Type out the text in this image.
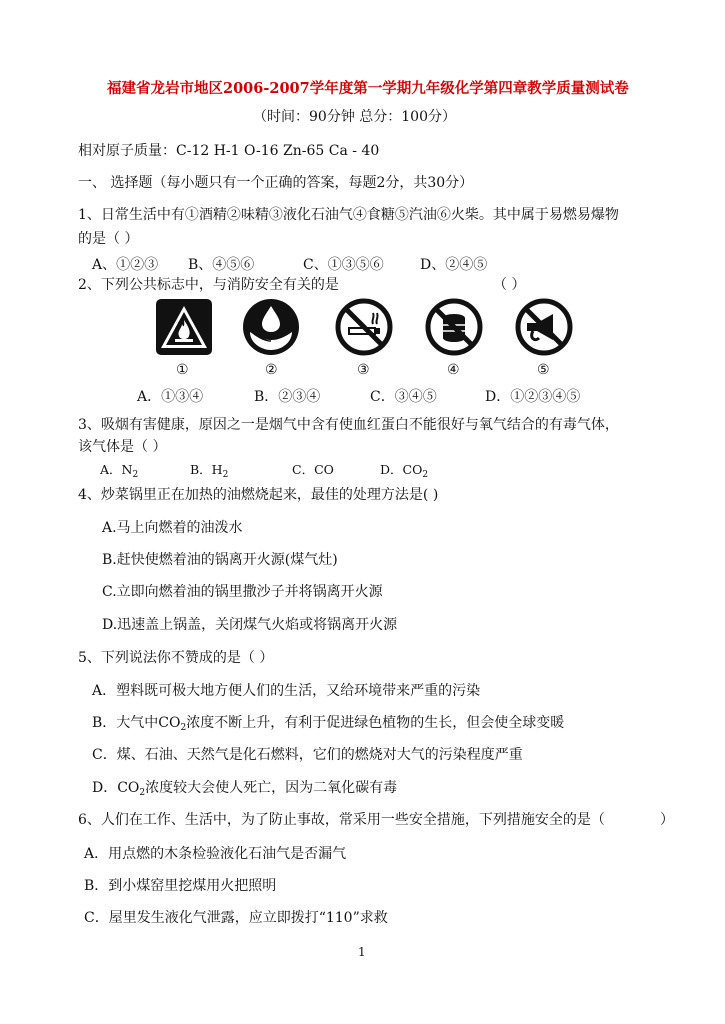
福建省龙岩市地区2006-2007学年度第一学期九年级化学第四章教学质量测试卷
（时间：90分钟 总分：100分）
相对原子质量：C-12 H-1 O-16 Zn-65 Ca - 40
一、 选择题（每小题只有一个正确的答案，每题2分，共30分）
1、日常生活中有①酒精②味精③液化石油气④食糖⑤汽油⑥火柴。其中属于易燃易爆物
的是（ ）
A、①②③ B、④⑤⑥	C、①③⑤⑥	D、②④⑤
2、下列公共标志中，与消防安全有关的是	（ ）
①	②	③	④	⑤
A．①③④	B．②③④	C．③④⑤	D．①②③④⑤
3、吸烟有害健康，原因之一是烟气中含有使血红蛋白不能很好与氧气结合的有毒气体，
该气体是（ ）
A．$N_2$	B．$H_2$	C．CO	D．$CO_2$
4、炒菜锅里正在加热的油燃烧起来，最佳的处理方法是( )
A.马上向燃着的油泼水
B.赶快使燃着油的锅离开火源(煤气灶)
C.立即向燃着油的锅里撒沙子并将锅离开火源
D.迅速盖上锅盖，关闭煤气火焰或将锅离开火源
5、下列说法你不赞成的是（ ）
A．塑料既可极大地方便人们的生活，又给环境带来严重的污染
B．大气中$CO_2$浓度不断上升，有利于促进绿色植物的生长，但会使全球变暖
C．煤、石油、天然气是化石燃料，它们的燃烧对大气的污染程度严重
D．$CO_2$浓度较大会使人死亡，因为二氧化碳有毒
6、人们在工作、生活中，为了防止事故，常采用一些安全措施，下列措施安全的是（	）
A．用点燃的木条检验液化石油气是否漏气
B．到小煤窑里挖煤用火把照明
C．屋里发生液化气泄露，应立即拨打“110”求救
1
